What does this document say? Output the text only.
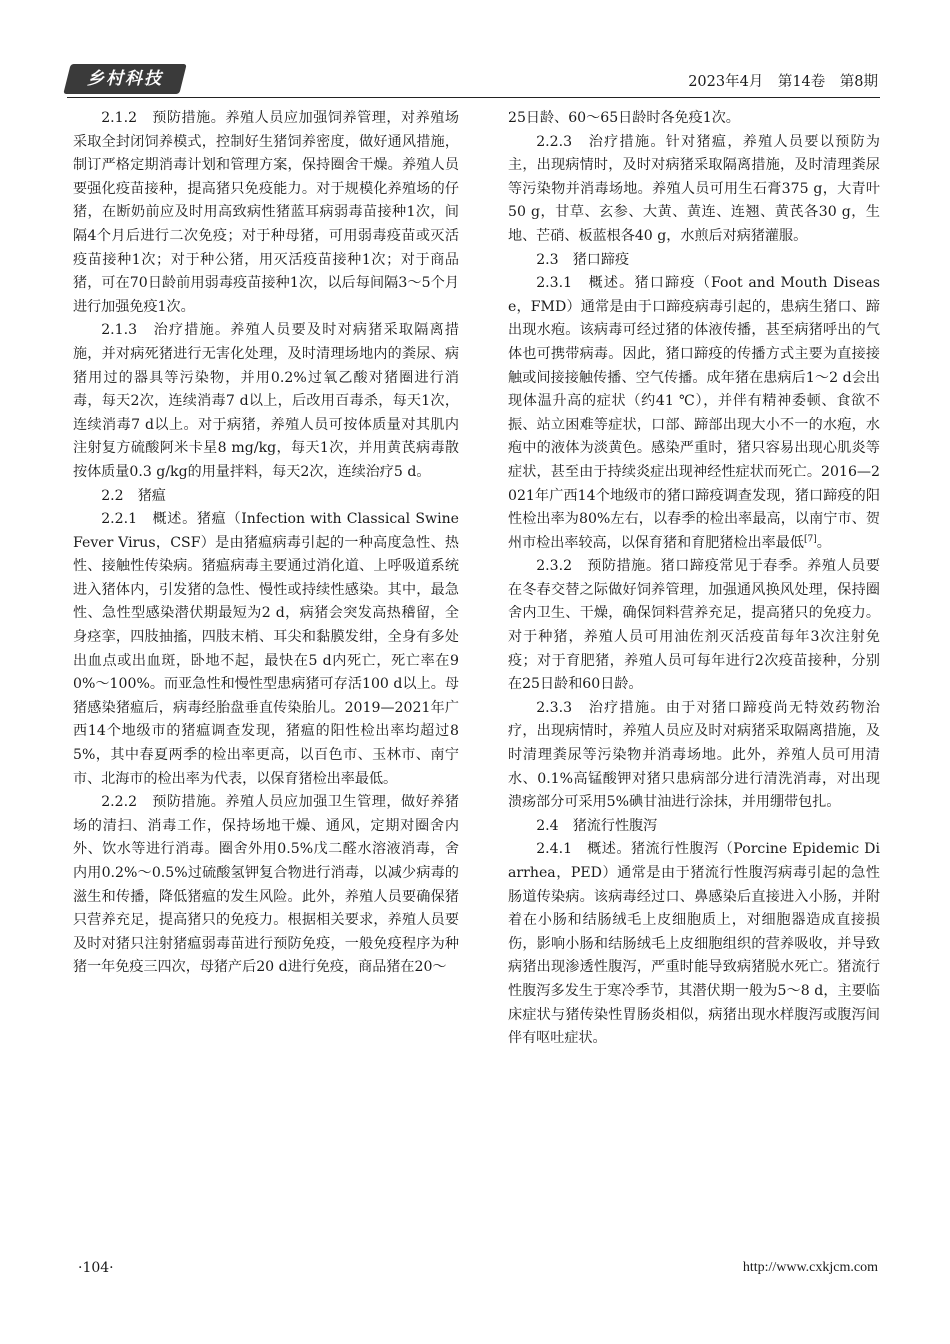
乡村科技	2023年4月　第14卷　第8期

2.1.2　预防措施。养殖人员应加强饲养管理，对养殖场采取全封闭饲养模式，控制好生猪饲养密度，做好通风措施，制订严格定期消毒计划和管理方案，保持圈舍干燥。养殖人员要强化疫苗接种，提高猪只免疫能力。对于规模化养殖场的仔猪，在断奶前应及时用高致病性猪蓝耳病弱毒苗接种1次，间隔4个月后进行二次免疫；对于种母猪，可用弱毒疫苗或灭活疫苗接种1次；对于种公猪，用灭活疫苗接种1次；对于商品猪，可在70日龄前用弱毒疫苗接种1次，以后每间隔3～5个月进行加强免疫1次。

2.1.3　治疗措施。养殖人员要及时对病猪采取隔离措施，并对病死猪进行无害化处理，及时清理场地内的粪尿、病猪用过的器具等污染物，并用0.2%过氧乙酸对猪圈进行消毒，每天2次，连续消毒7 d以上，后改用百毒杀，每天1次，连续消毒7 d以上。对于病猪，养殖人员可按体质量对其肌内注射复方硫酸阿米卡星8 mg/kg，每天1次，并用黄芪病毒散按体质量0.3 g/kg的用量拌料，每天2次，连续治疗5 d。

2.2　猪瘟

2.2.1　概述。猪瘟（Infection with Classical Swine Fever Virus，CSF）是由猪瘟病毒引起的一种高度急性、热性、接触性传染病。猪瘟病毒主要通过消化道、上呼吸道系统进入猪体内，引发猪的急性、慢性或持续性感染。其中，最急性、急性型感染潜伏期最短为2 d，病猪会突发高热稽留，全身痉挛，四肢抽搐，四肢末梢、耳尖和黏膜发绀，全身有多处出血点或出血斑，卧地不起，最快在5 d内死亡，死亡率在90%～100%。而亚急性和慢性型患病猪可存活100 d以上。母猪感染猪瘟后，病毒经胎盘垂直传染胎儿。2019—2021年广西14个地级市的猪瘟调查发现，猪瘟的阳性检出率均超过85%，其中春夏两季的检出率更高，以百色市、玉林市、南宁市、北海市的检出率为代表，以保育猪检出率最低。

2.2.2　预防措施。养殖人员应加强卫生管理，做好养猪场的清扫、消毒工作，保持场地干燥、通风，定期对圈舍内外、饮水等进行消毒。圈舍外用0.5%戊二醛水溶液消毒，舍内用0.2%～0.5%过硫酸氢钾复合物进行消毒，以减少病毒的滋生和传播，降低猪瘟的发生风险。此外，养殖人员要确保猪只营养充足，提高猪只的免疫力。根据相关要求，养殖人员要及时对猪只注射猪瘟弱毒苗进行预防免疫，一般免疫程序为种猪一年免疫三四次，母猪产后20 d进行免疫，商品猪在20～

25日龄、60～65日龄时各免疫1次。

2.2.3　治疗措施。针对猪瘟，养殖人员要以预防为主，出现病情时，及时对病猪采取隔离措施，及时清理粪尿等污染物并消毒场地。养殖人员可用生石膏375 g，大青叶50 g，甘草、玄参、大黄、黄连、连翘、黄芪各30 g，生地、芒硝、板蓝根各40 g，水煎后对病猪灌服。

2.3　猪口蹄疫

2.3.1　概述。猪口蹄疫（Foot and Mouth Disease，FMD）通常是由于口蹄疫病毒引起的，患病生猪口、蹄出现水疱。该病毒可经过猪的体液传播，甚至病猪呼出的气体也可携带病毒。因此，猪口蹄疫的传播方式主要为直接接触或间接接触传播、空气传播。成年猪在患病后1～2 d会出现体温升高的症状（约41 ℃），并伴有精神委顿、食欲不振、站立困难等症状，口部、蹄部出现大小不一的水疱，水疱中的液体为淡黄色。感染严重时，猪只容易出现心肌炎等症状，甚至由于持续炎症出现神经性症状而死亡。2016—2021年广西14个地级市的猪口蹄疫调查发现，猪口蹄疫的阳性检出率为80%左右，以春季的检出率最高，以南宁市、贺州市检出率较高，以保育猪和育肥猪检出率最低[7]。

2.3.2　预防措施。猪口蹄疫常见于春季。养殖人员要在冬春交替之际做好饲养管理，加强通风换风处理，保持圈舍内卫生、干燥，确保饲料营养充足，提高猪只的免疫力。对于种猪，养殖人员可用油佐剂灭活疫苗每年3次注射免疫；对于育肥猪，养殖人员可每年进行2次疫苗接种，分别在25日龄和60日龄。

2.3.3　治疗措施。由于对猪口蹄疫尚无特效药物治疗，出现病情时，养殖人员应及时对病猪采取隔离措施，及时清理粪尿等污染物并消毒场地。此外，养殖人员可用清水、0.1%高锰酸钾对猪只患病部分进行清洗消毒，对出现溃疡部分可采用5%碘甘油进行涂抹，并用绷带包扎。

2.4　猪流行性腹泻

2.4.1　概述。猪流行性腹泻（Porcine Epidemic Diarrhea，PED）通常是由于猪流行性腹泻病毒引起的急性肠道传染病。该病毒经过口、鼻感染后直接进入小肠，并附着在小肠和结肠绒毛上皮细胞质上，对细胞器造成直接损伤，影响小肠和结肠绒毛上皮细胞组织的营养吸收，并导致病猪出现渗透性腹泻，严重时能导致病猪脱水死亡。猪流行性腹泻多发生于寒冷季节，其潜伏期一般为5～8 d，主要临床症状与猪传染性胃肠炎相似，病猪出现水样腹泻或腹泻间伴有呕吐症状。

·104·	http://www.cxkjcm.com
